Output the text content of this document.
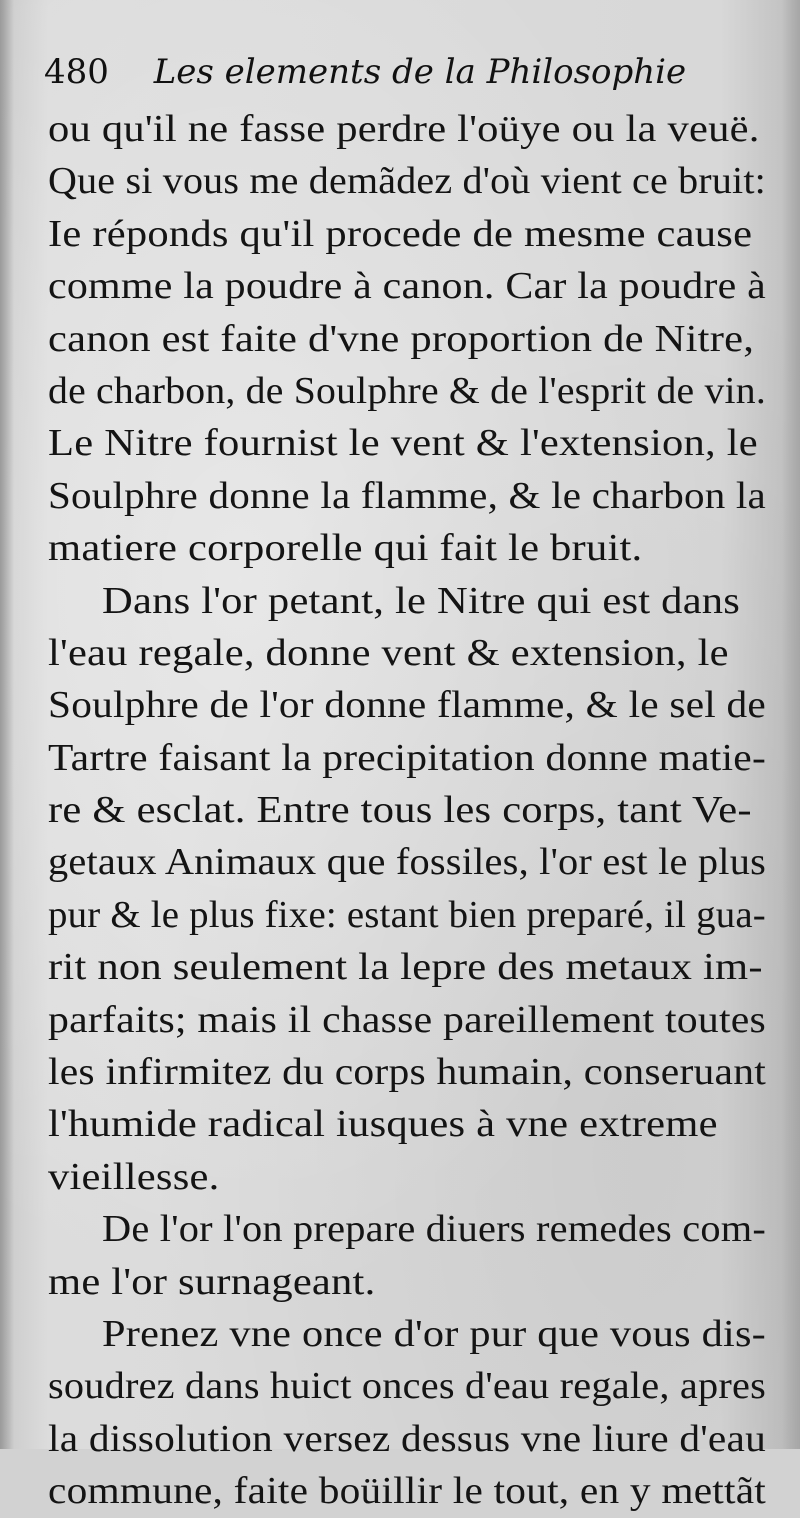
480 Les elements de la Philosophie
ou qu'il ne fasse perdre l'oüye ou la veuë.
Que si vous me demãdez d'où vient ce bruit:
Ie réponds qu'il procede de mesme cause
comme la poudre à canon. Car la poudre à
canon est faite d'vne proportion de Nitre,
de charbon, de Soulphre & de l'esprit de vin.
Le Nitre fournist le vent & l'extension, le
Soulphre donne la flamme, & le charbon la
matiere corporelle qui fait le bruit.
Dans l'or petant, le Nitre qui est dans
l'eau regale, donne vent & extension, le
Soulphre de l'or donne flamme, & le sel de
Tartre faisant la precipitation donne matie-
re & esclat. Entre tous les corps, tant Ve-
getaux Animaux que fossiles, l'or est le plus
pur & le plus fixe: estant bien preparé, il gua-
rit non seulement la lepre des metaux im-
parfaits; mais il chasse pareillement toutes
les infirmitez du corps humain, conseruant
l'humide radical iusques à vne extreme
vieillesse.
De l'or l'on prepare diuers remedes com-
me l'or surnageant.
Prenez vne once d'or pur que vous dis-
soudrez dans huict onces d'eau regale, apres
la dissolution versez dessus vne liure d'eau
commune, faite boüillir le tout, en y mettãt
